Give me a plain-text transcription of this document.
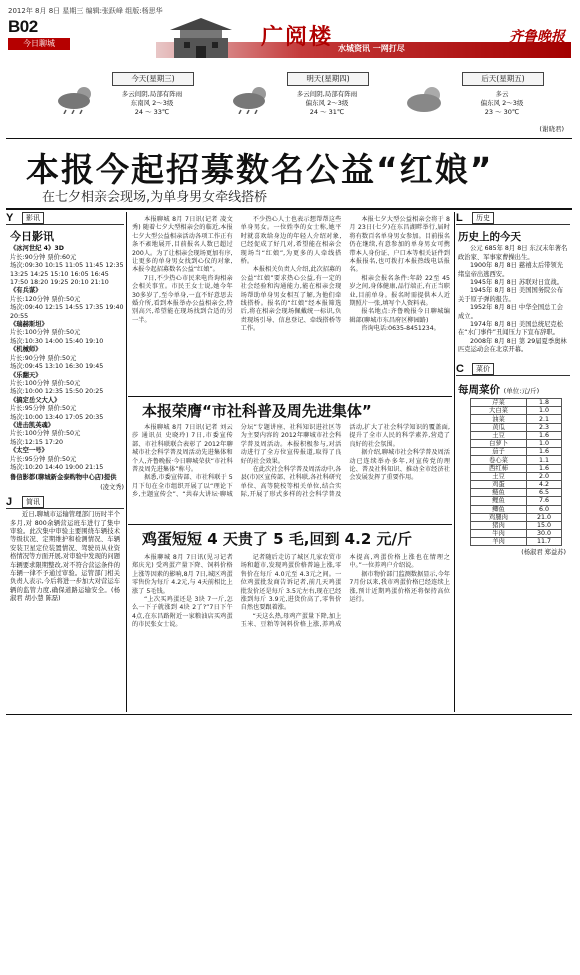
2012年 8月 8日 星期三 编辑:张跃峰 组版:杨思华
B02
今日聊城	广阅楼 水城资讯 一网打尽
齐鲁晚报
今天(星期三)
多云间阴,局部有阵雨
东南风 2～3级
24 ～ 33℃
明天(星期四)
多云间阴,局部有阵雨
偏东风 2～3级
24 ～ 31℃
后天(星期五)
多云
偏东风 2～3级
23 ～ 30℃
(谢晓君)
本报今起招募数名公益“红娘”
在七夕相亲会现场,为单身男女牵线搭桥
Y	影讯
今日影讯
《冰河世纪 4》3D
片长:90分钟 票价:60元
场次:09:30 10:15 11:05 11:45 12:35 13:25 14:25 15:10 16:05 16:45 17:50 18:20 19:25 20:10 21:10
《有兵谋》
片长:120分钟 票价:50元
场次:09:40 12:15 14:55 17:35 19:40 20:55
《瑞赫斯坦》
片长:100分钟 票价:50元
场次:10:30 14:00 15:40 19:10
《机械师》
片长:90分钟 票价:50元
场次:09:45 13:10 16:30 19:45
《乐翻天》
片长:100分钟 票价:50元
场次:10:00 12:35 15:50 20:25
《搞定岳父大人》
片长:95分钟 票价:50元
场次:10:00 13:40 17:05 20:35
《进击凯英魂》
片长:100分钟 票价:50元
场次:12:15 17:20
《太空一号》
片长:95分钟 票价:50元
场次:10:20 14:40 19:00 21:15
鲁信影都(聊城新金泰购物中心店)提供
(凌文秀)
J	简讯
近日,聊城市运输管理部门历时半个多月,对 800余辆营运班车进行了集中审验。此次集中审验主要围绕车辆技术等级状况、定期维护和检测情况、车辆安装卫星定位装置情况、驾驶员从业资格情况等方面开展,对审验中发现的问题车辆要求限期整改,对不符合营运条件的车辆一律不予通过审验。运管部门相关负责人表示,今后将进一步加大对营运车辆的监管力度,确保道路运输安全。(杨淑君 胡小慧 陈磊)

本报聊城 8月 7日讯(记者 凌文秀) 随着七夕大型相亲会的临近,本报七夕大型公益相亲活动各项工作正有条不紊地展开,目前报名人数已超过 200人。为了让相亲会现场更加有序,让更多的单身男女找到心仪的对象,本报今起招募数名公益“红娘”。

7日,不少热心市民来电咨询相亲会相关事宜。市民王女士说,她今年 30多岁了,至今单身,一直不好意思去婚介所,看到本报举办公益相亲会,特别高兴,希望能在现场找到合适的另一半。

不少热心人士也表示想帮帮这些单身男女。一位姓李的女士称,她平时就喜欢给身边的年轻人介绍对象,已经促成了好几对,希望能在相亲会现场当“红娘”,为更多的人牵线搭桥。

本报相关负责人介绍,此次招募的公益“红娘”要求热心公益,有一定的社会经验和沟通能力,能在相亲会现场帮助单身男女相互了解,为他们牵线搭桥。报名的“红娘”经本报筛选后,将在相亲会现场佩戴统一标识,负责现场引导、信息登记、牵线搭桥等工作。

本报七夕大型公益相亲会将于 8月 23日(七夕)在东昌湖畔举行,届时将有数百名单身男女参加。目前报名仍在继续,有意参加的单身男女可携带本人身份证、户口本等相关证件到本报报名,也可拨打本报热线电话报名。

相亲会报名条件:年龄 22至 45岁之间,身体健康,品行端正,有正当职业,目前单身。报名时需提供本人近期照片一张,填写个人资料表。

报名地点:齐鲁晚报今日聊城编辑部(聊城市东昌府区柳园路)

咨询电话:0635-8451234。

本报荣膺“市社科普及周先进集体”

本报聊城 8月 7日讯(记者 刘云莎 通讯员 史晓玲) 7日,市委宣传部、市社科联联合表彰了 2012年聊城市社会科学普及周活动先进集体和个人,齐鲁晚报·今日聊城荣获“市社科普及周先进集体”称号。

据悉,市委宣传部、市社科联于 5月下旬在全市组织开展了以“理论下乡,主题宣传会”、“共春大讲坛·聊城分坛”专题讲座、社科知识进社区等为主要内容的 2012年聊城市社会科学普及周活动。本报积极参与,对活动进行了全方位宣传报道,取得了良好的社会效果。

在此次社会科学普及周活动中,各县(市)区宣传部、社科联,各社科研究单位、高等院校等相关单位,结合实际,开展了形式多样的社会科学普及活动,扩大了社会科学知识的覆盖面,提升了全市人民的科学素养,营造了良好的社会氛围。

据介绍,聊城市社会科学普及周活动已连续举办多年,对宣传党的理论、普及社科知识、推动全市经济社会发展发挥了重要作用。

鸡蛋短短 4 天贵了 5 毛,回到 4.2 元/斤

本报聊城 8月 7日讯(见习记者 郑庆光) 受鸡蛋产量下降、饲料价格上涨等因素的影响,8月 7日,城区鸡蛋零售价为每斤 4.2元,与 4天前相比上涨了 5毛钱。

“上次买鸡蛋还是 3块 7一斤,怎么一下子就涨到 4块 2了?”7日下午 4点,在东昌路附近一家粮油店买鸡蛋的市民张女士说。

记者随后走访了城区几家农贸市场和超市,发现鸡蛋价格普遍上涨,零售价在每斤 4.0元至 4.3元之间。一位鸡蛋批发商告诉记者,前几天鸡蛋批发价还是每斤 3.5元左右,现在已经涨到每斤 3.9元,进货价高了,零售价自然也要跟着涨。

“天这么热,母鸡产蛋量下降,加上玉米、豆粕等饲料价格上涨,养鸡成本提高,鸡蛋价格上涨也在情理之中。”一位养鸡户介绍说。

据市物价部门监测数据显示,今年 7月份以来,我市鸡蛋价格已经连续上涨,预计近期鸡蛋价格还将保持高位运行。

L	历史
历史上的今天

公元 685年 8月 8日 东汉末年著名政治家、军事家曹操出生。

1900年 8月 8日 慈禧太后带领光绪皇帝出逃西安。

1945年 8月 8日 苏联对日宣战。

1945年 8月 8日 美国国务院公布关于原子弹的报告。

1952年 8月 8日 中华全国总工会成立。

1974年 8月 8日 美国总统尼克松在“水门事件”丑闻压力下宣布辞职。

2008年 8月 8日 第 29届夏季奥林匹克运动会在北京开幕。

C	菜价
每周菜价 (单位:元/斤)
芹菜	1.8
大白菜	1.0
油菜	2.1
黄瓜	2.3
土豆	1.6
白萝卜	1.0
茄子	1.6
卷心菜	1.1
西红柿	1.6
土豆	2.0
鸡蛋	4.2
鲢鱼	6.5
鲤鱼	7.6
鲫鱼	6.0
鸡腿肉	21.0
猪肉	15.0
牛肉	30.0
羊肉	11.7
(杨淑君 郑益苏)
